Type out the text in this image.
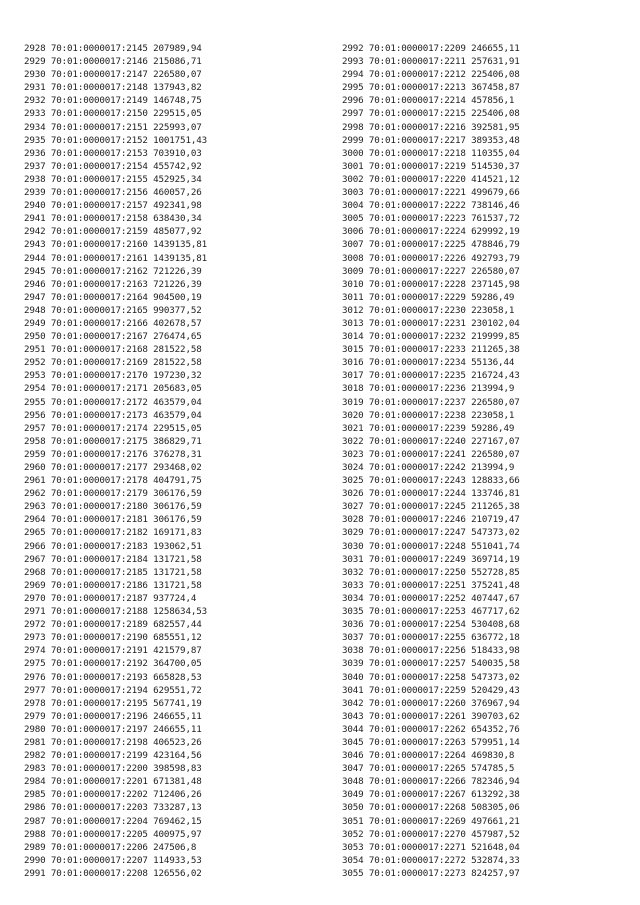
2928 70:01:0000017:2145 207989,94
2929 70:01:0000017:2146 215086,71
2930 70:01:0000017:2147 226580,07
2931 70:01:0000017:2148 137943,82
2932 70:01:0000017:2149 146748,75
2933 70:01:0000017:2150 229515,05
2934 70:01:0000017:2151 225993,07
2935 70:01:0000017:2152 1001751,43
2936 70:01:0000017:2153 703910,03
2937 70:01:0000017:2154 455742,92
2938 70:01:0000017:2155 452925,34
2939 70:01:0000017:2156 460057,26
2940 70:01:0000017:2157 492341,98
2941 70:01:0000017:2158 638430,34
2942 70:01:0000017:2159 485077,92
2943 70:01:0000017:2160 1439135,81
2944 70:01:0000017:2161 1439135,81
2945 70:01:0000017:2162 721226,39
2946 70:01:0000017:2163 721226,39
2947 70:01:0000017:2164 904500,19
2948 70:01:0000017:2165 990377,52
2949 70:01:0000017:2166 402678,57
2950 70:01:0000017:2167 276474,65
2951 70:01:0000017:2168 281522,58
2952 70:01:0000017:2169 281522,58
2953 70:01:0000017:2170 197230,32
2954 70:01:0000017:2171 205683,05
2955 70:01:0000017:2172 463579,04
2956 70:01:0000017:2173 463579,04
2957 70:01:0000017:2174 229515,05
2958 70:01:0000017:2175 386829,71
2959 70:01:0000017:2176 376278,31
2960 70:01:0000017:2177 293468,02
2961 70:01:0000017:2178 404791,75
2962 70:01:0000017:2179 306176,59
2963 70:01:0000017:2180 306176,59
2964 70:01:0000017:2181 306176,59
2965 70:01:0000017:2182 169171,83
2966 70:01:0000017:2183 193062,51
2967 70:01:0000017:2184 131721,58
2968 70:01:0000017:2185 131721,58
2969 70:01:0000017:2186 131721,58
2970 70:01:0000017:2187 937724,4
2971 70:01:0000017:2188 1258634,53
2972 70:01:0000017:2189 682557,44
2973 70:01:0000017:2190 685551,12
2974 70:01:0000017:2191 421579,87
2975 70:01:0000017:2192 364700,05
2976 70:01:0000017:2193 665828,53
2977 70:01:0000017:2194 629551,72
2978 70:01:0000017:2195 567741,19
2979 70:01:0000017:2196 246655,11
2980 70:01:0000017:2197 246655,11
2981 70:01:0000017:2198 406523,26
2982 70:01:0000017:2199 423164,56
2983 70:01:0000017:2200 398598,83
2984 70:01:0000017:2201 671381,48
2985 70:01:0000017:2202 712406,26
2986 70:01:0000017:2203 733287,13
2987 70:01:0000017:2204 769462,15
2988 70:01:0000017:2205 400975,97
2989 70:01:0000017:2206 247506,8
2990 70:01:0000017:2207 114933,53
2991 70:01:0000017:2208 126556,02
2992 70:01:0000017:2209 246655,11
2993 70:01:0000017:2211 257631,91
2994 70:01:0000017:2212 225406,08
2995 70:01:0000017:2213 367458,87
2996 70:01:0000017:2214 457856,1
2997 70:01:0000017:2215 225406,08
2998 70:01:0000017:2216 392581,95
2999 70:01:0000017:2217 389353,48
3000 70:01:0000017:2218 110355,04
3001 70:01:0000017:2219 514530,37
3002 70:01:0000017:2220 414521,12
3003 70:01:0000017:2221 499679,66
3004 70:01:0000017:2222 738146,46
3005 70:01:0000017:2223 761537,72
3006 70:01:0000017:2224 629992,19
3007 70:01:0000017:2225 478846,79
3008 70:01:0000017:2226 492793,79
3009 70:01:0000017:2227 226580,07
3010 70:01:0000017:2228 237145,98
3011 70:01:0000017:2229 59286,49
3012 70:01:0000017:2230 223058,1
3013 70:01:0000017:2231 230102,04
3014 70:01:0000017:2232 219999,85
3015 70:01:0000017:2233 211265,38
3016 70:01:0000017:2234 55136,44
3017 70:01:0000017:2235 216724,43
3018 70:01:0000017:2236 213994,9
3019 70:01:0000017:2237 226580,07
3020 70:01:0000017:2238 223058,1
3021 70:01:0000017:2239 59286,49
3022 70:01:0000017:2240 227167,07
3023 70:01:0000017:2241 226580,07
3024 70:01:0000017:2242 213994,9
3025 70:01:0000017:2243 128833,66
3026 70:01:0000017:2244 133746,81
3027 70:01:0000017:2245 211265,38
3028 70:01:0000017:2246 210719,47
3029 70:01:0000017:2247 547373,02
3030 70:01:0000017:2248 551041,74
3031 70:01:0000017:2249 369714,19
3032 70:01:0000017:2250 552728,85
3033 70:01:0000017:2251 375241,48
3034 70:01:0000017:2252 407447,67
3035 70:01:0000017:2253 467717,62
3036 70:01:0000017:2254 530408,68
3037 70:01:0000017:2255 636772,18
3038 70:01:0000017:2256 518433,98
3039 70:01:0000017:2257 540035,58
3040 70:01:0000017:2258 547373,02
3041 70:01:0000017:2259 520429,43
3042 70:01:0000017:2260 376967,94
3043 70:01:0000017:2261 390703,62
3044 70:01:0000017:2262 654352,76
3045 70:01:0000017:2263 579951,14
3046 70:01:0000017:2264 469830,8
3047 70:01:0000017:2265 574785,5
3048 70:01:0000017:2266 782346,94
3049 70:01:0000017:2267 613292,38
3050 70:01:0000017:2268 508305,06
3051 70:01:0000017:2269 497661,21
3052 70:01:0000017:2270 457987,52
3053 70:01:0000017:2271 521648,04
3054 70:01:0000017:2272 532874,33
3055 70:01:0000017:2273 824257,97
